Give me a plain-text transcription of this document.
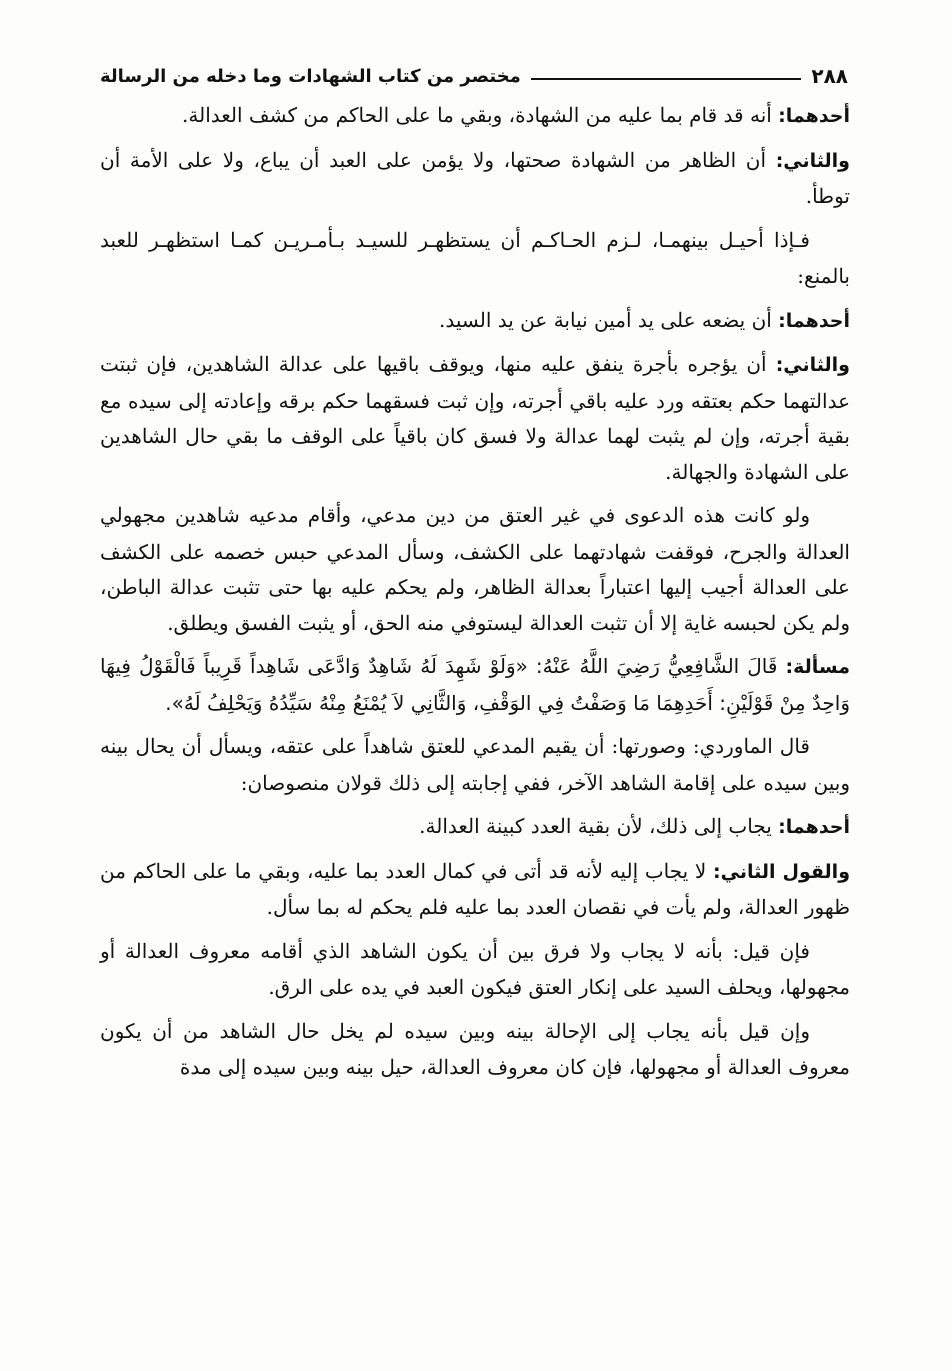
٢٨٨
مختصر من كتاب الشهادات وما دخله من الرسالة

أحدهما: أنه قد قام بما عليه من الشهادة، وبقي ما على الحاكم من كشف العدالة.

والثاني: أن الظاهر من الشهادة صحتها، ولا يؤمن على العبد أن يباع، ولا على الأمة أن توطأ.

فـإذا أحيـل بينهمـا، لـزم الحـاكـم أن يستظهـر للسيـد بـأمـريـن كمـا استظهـر للعبد بالمنع:

أحدهما: أن يضعه على يد أمين نيابة عن يد السيد.

والثاني: أن يؤجره بأجرة ينفق عليه منها، ويوقف باقيها على عدالة الشاهدين، فإن ثبتت عدالتهما حكم بعتقه ورد عليه باقي أجرته، وإن ثبت فسقهما حكم برقه وإعادته إلى سيده مع بقية أجرته، وإن لم يثبت لهما عدالة ولا فسق كان باقياً على الوقف ما بقي حال الشاهدين على الشهادة والجهالة.

ولو كانت هذه الدعوى في غير العتق من دين مدعي، وأقام مدعيه شاهدين مجهولي العدالة والجرح، فوقفت شهادتهما على الكشف، وسأل المدعي حبس خصمه على الكشف على العدالة أجيب إليها اعتباراً بعدالة الظاهر، ولم يحكم عليه بها حتى تثبت عدالة الباطن، ولم يكن لحبسه غاية إلا أن تثبت العدالة ليستوفي منه الحق، أو يثبت الفسق ويطلق.

مسألة: قَالَ الشَّافِعِيُّ رَضِيَ اللَّهُ عَنْهُ: «وَلَوْ شَهِدَ لَهُ شَاهِدٌ وَادَّعَى شَاهِداً قَرِيباً فَالْقَوْلُ فِيهَا وَاحِدٌ مِنْ قَوْلَيْنِ: أَحَدِهِمَا مَا وَصَفْتُ فِي الوَقْفِ، وَالثَّانِي لاَ يُمْنَعُ مِنْهُ سَيِّدُهُ وَيَحْلِفُ لَهُ».

قال الماوردي: وصورتها: أن يقيم المدعي للعتق شاهداً على عتقه، ويسأل أن يحال بينه وبين سيده على إقامة الشاهد الآخر، ففي إجابته إلى ذلك قولان منصوصان:

أحدهما: يجاب إلى ذلك، لأن بقية العدد كبينة العدالة.

والقول الثاني: لا يجاب إليه لأنه قد أتى في كمال العدد بما عليه، وبقي ما على الحاكم من ظهور العدالة، ولم يأت في نقصان العدد بما عليه فلم يحكم له بما سأل.

فإن قيل: بأنه لا يجاب ولا فرق بين أن يكون الشاهد الذي أقامه معروف العدالة أو مجهولها، ويحلف السيد على إنكار العتق فيكون العبد في يده على الرق.

وإن قيل بأنه يجاب إلى الإحالة بينه وبين سيده لم يخل حال الشاهد من أن يكون معروف العدالة أو مجهولها، فإن كان معروف العدالة، حيل بينه وبين سيده إلى مدة
